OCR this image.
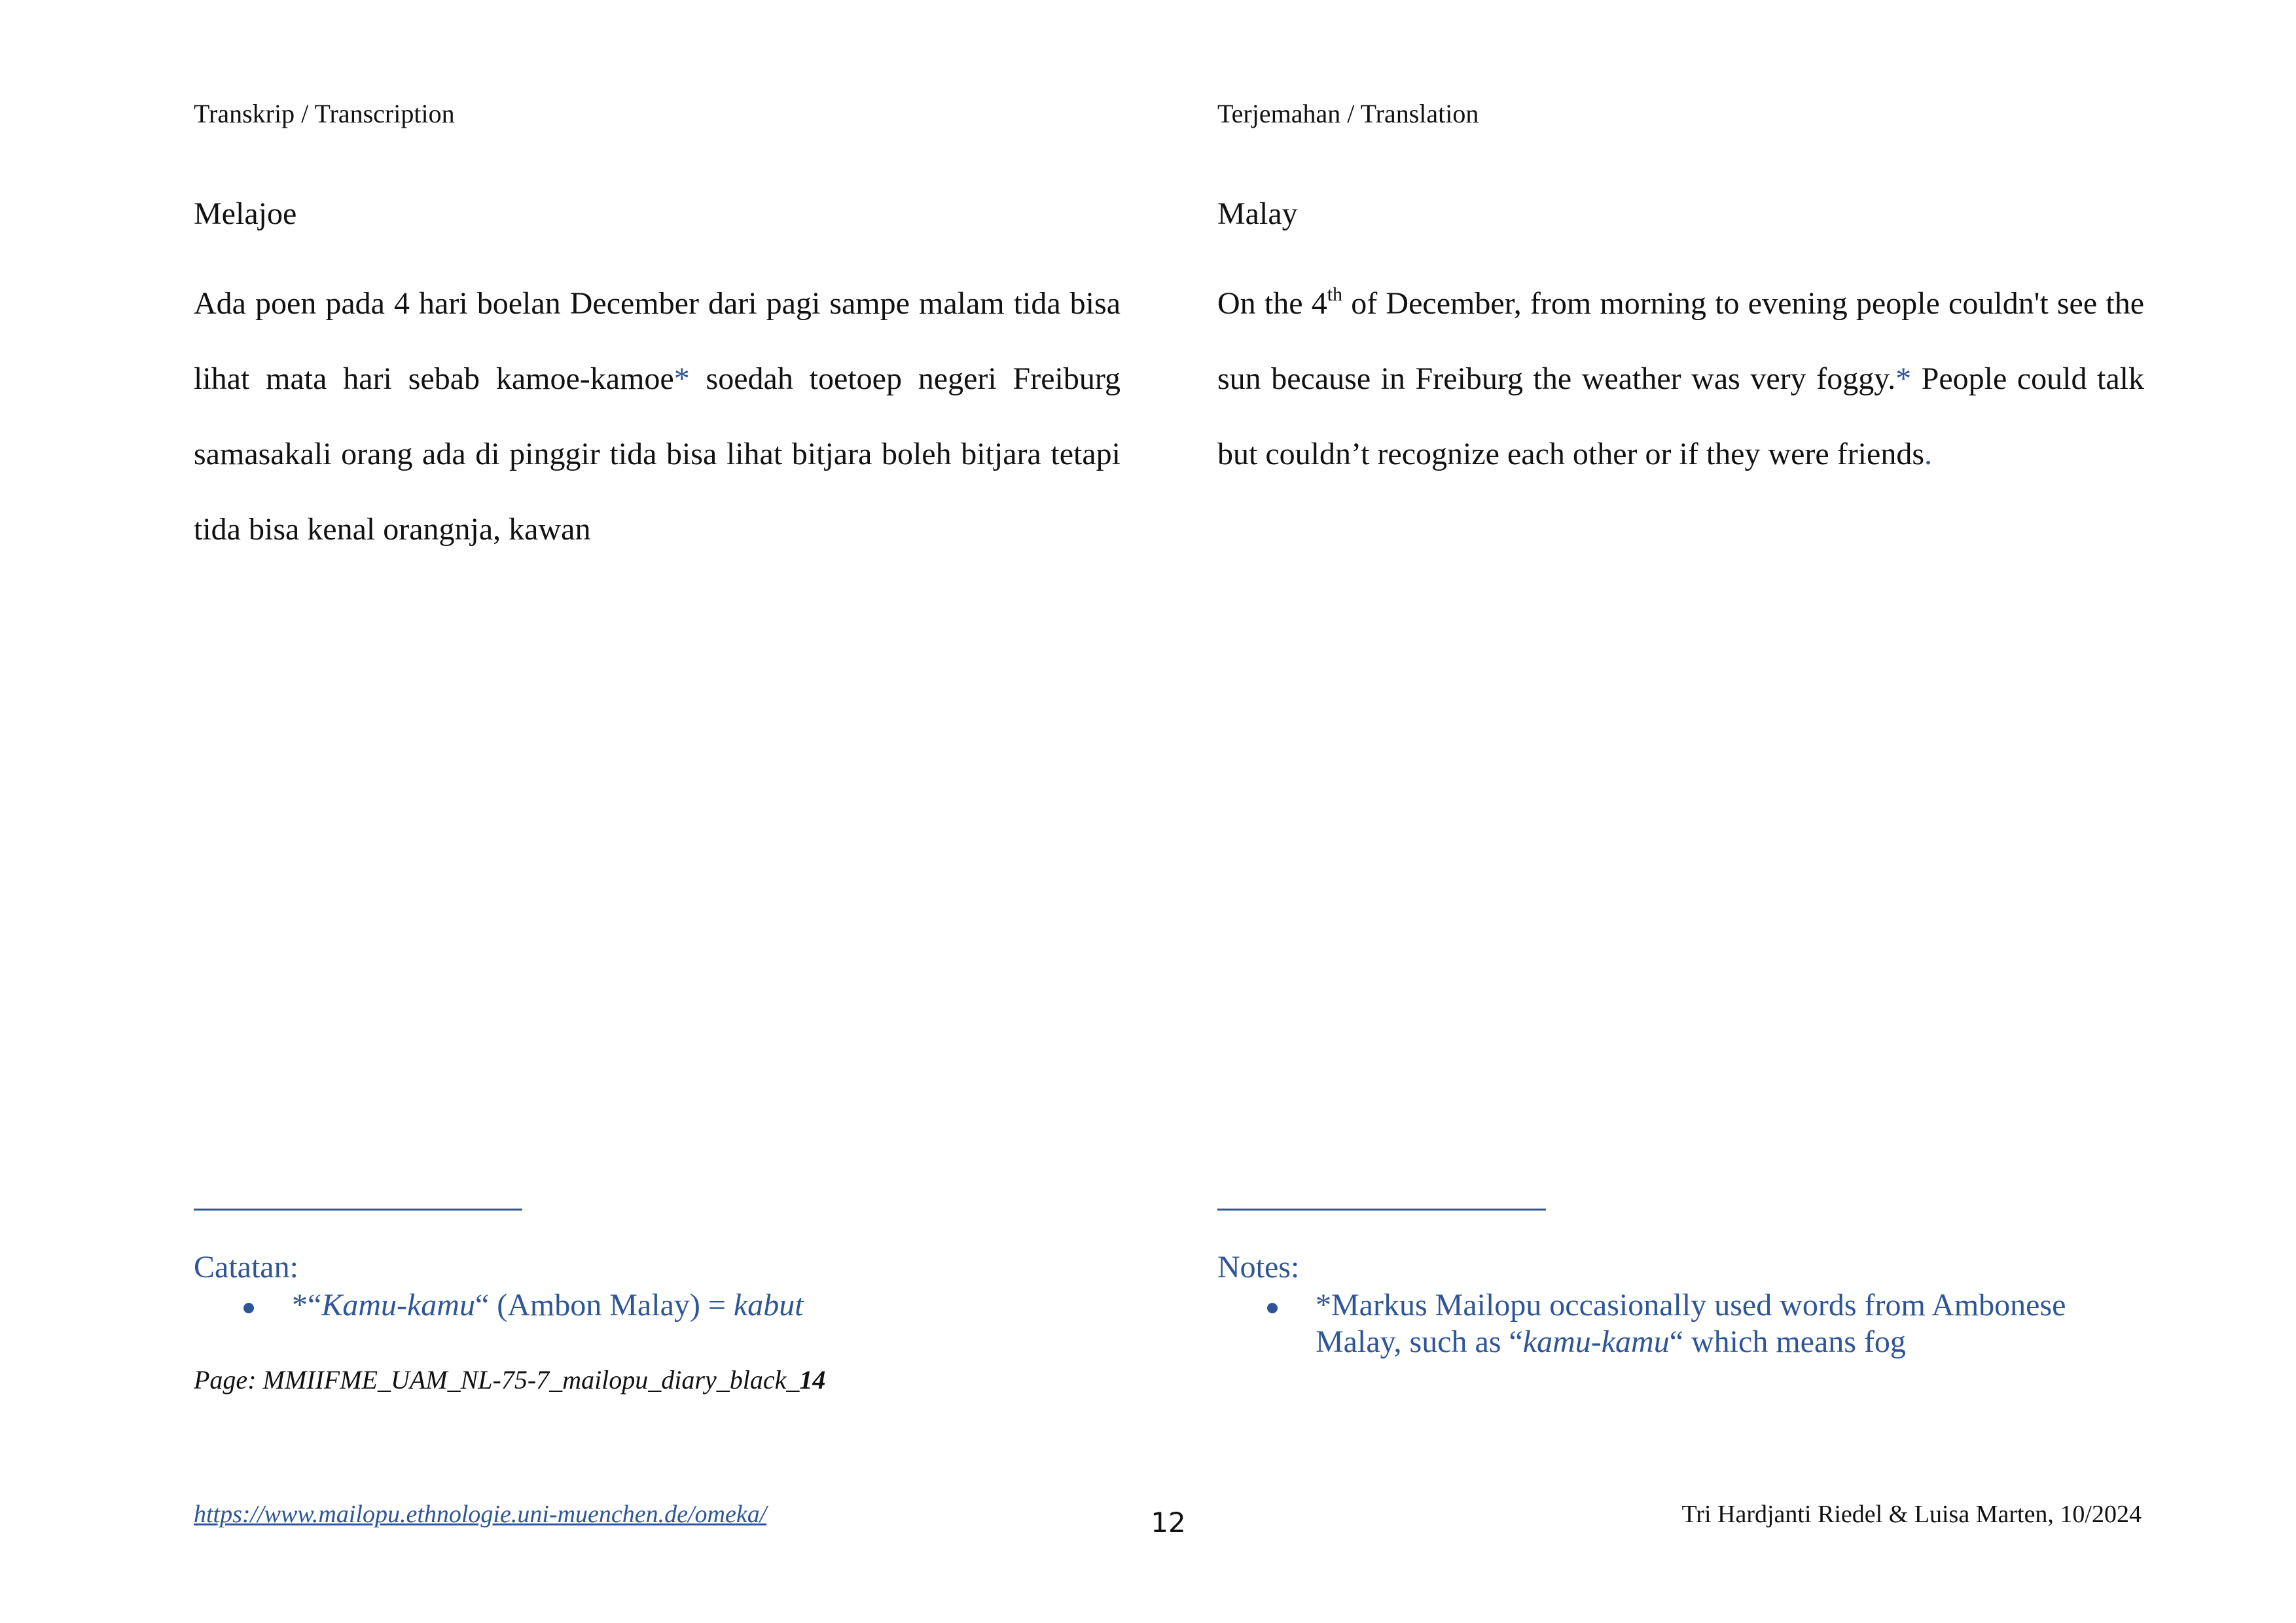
Transkrip / Transcription
Melajoe
Ada poen pada 4 hari boelan December dari pagi sampe malam tida bisa lihat mata hari sebab kamoe-kamoe* soedah toetoep negeri Freiburg samasakali orang ada di pinggir tida bisa lihat bitjara boleh bitjara tetapi tida bisa kenal orangnja, kawan
Catatan:
*“Kamu-kamu“ (Ambon Malay) = kabut
Page: MMIIFME_UAM_NL-75-7_mailopu_diary_black_14
Terjemahan / Translation
Malay
On the 4th of December, from morning to evening people couldn't see the sun because in Freiburg the weather was very foggy.* People could talk but couldn’t recognize each other or if they were friends.
Notes:
*Markus Mailopu occasionally used words from Ambonese Malay, such as “kamu-kamu“ which means fog
https://www.mailopu.ethnologie.uni-muenchen.de/omeka/	12	Tri Hardjanti Riedel & Luisa Marten, 10/2024
